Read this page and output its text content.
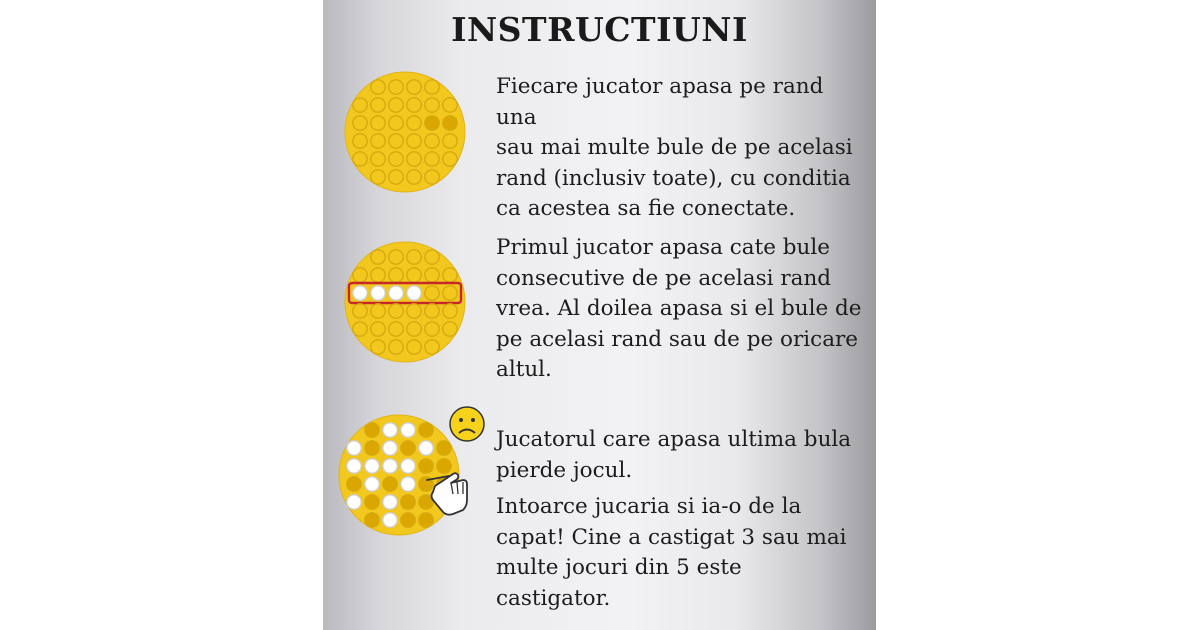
INSTRUCTIUNI
Fiecare jucator apasa pe rand una
sau mai multe bule de pe acelasi
rand (inclusiv toate), cu conditia
ca acestea sa fie conectate.
Primul jucator apasa cate bule
consecutive de pe acelasi rand
vrea. Al doilea apasa si el bule de
pe acelasi rand sau de pe oricare
altul.
Jucatorul care apasa ultima bula
pierde jocul.
Intoarce jucaria si ia-o de la
capat! Cine a castigat 3 sau mai
multe jocuri din 5 este
castigator.
